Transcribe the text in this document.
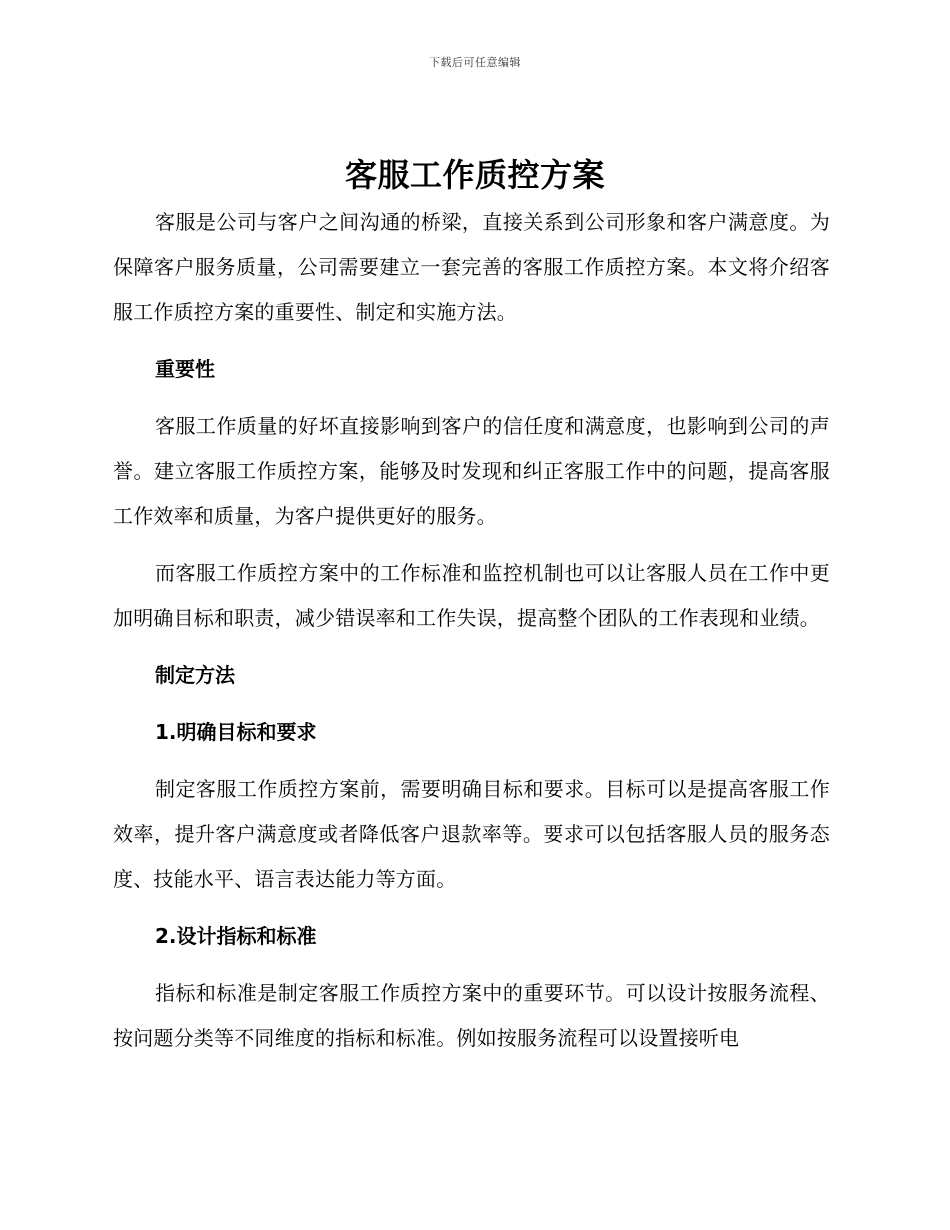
下载后可任意编辑
客服工作质控方案

客服是公司与客户之间沟通的桥梁，直接关系到公司形象和客户满意度。为保障客户服务质量，公司需要建立一套完善的客服工作质控方案。本文将介绍客服工作质控方案的重要性、制定和实施方法。

重要性

客服工作质量的好坏直接影响到客户的信任度和满意度，也影响到公司的声誉。建立客服工作质控方案，能够及时发现和纠正客服工作中的问题，提高客服工作效率和质量，为客户提供更好的服务。

而客服工作质控方案中的工作标准和监控机制也可以让客服人员在工作中更加明确目标和职责，减少错误率和工作失误，提高整个团队的工作表现和业绩。

制定方法

1.明确目标和要求

制定客服工作质控方案前，需要明确目标和要求。目标可以是提高客服工作效率，提升客户满意度或者降低客户退款率等。要求可以包括客服人员的服务态度、技能水平、语言表达能力等方面。

2.设计指标和标准

指标和标准是制定客服工作质控方案中的重要环节。可以设计按服务流程、按问题分类等不同维度的指标和标准。例如按服务流程可以设置接听电
